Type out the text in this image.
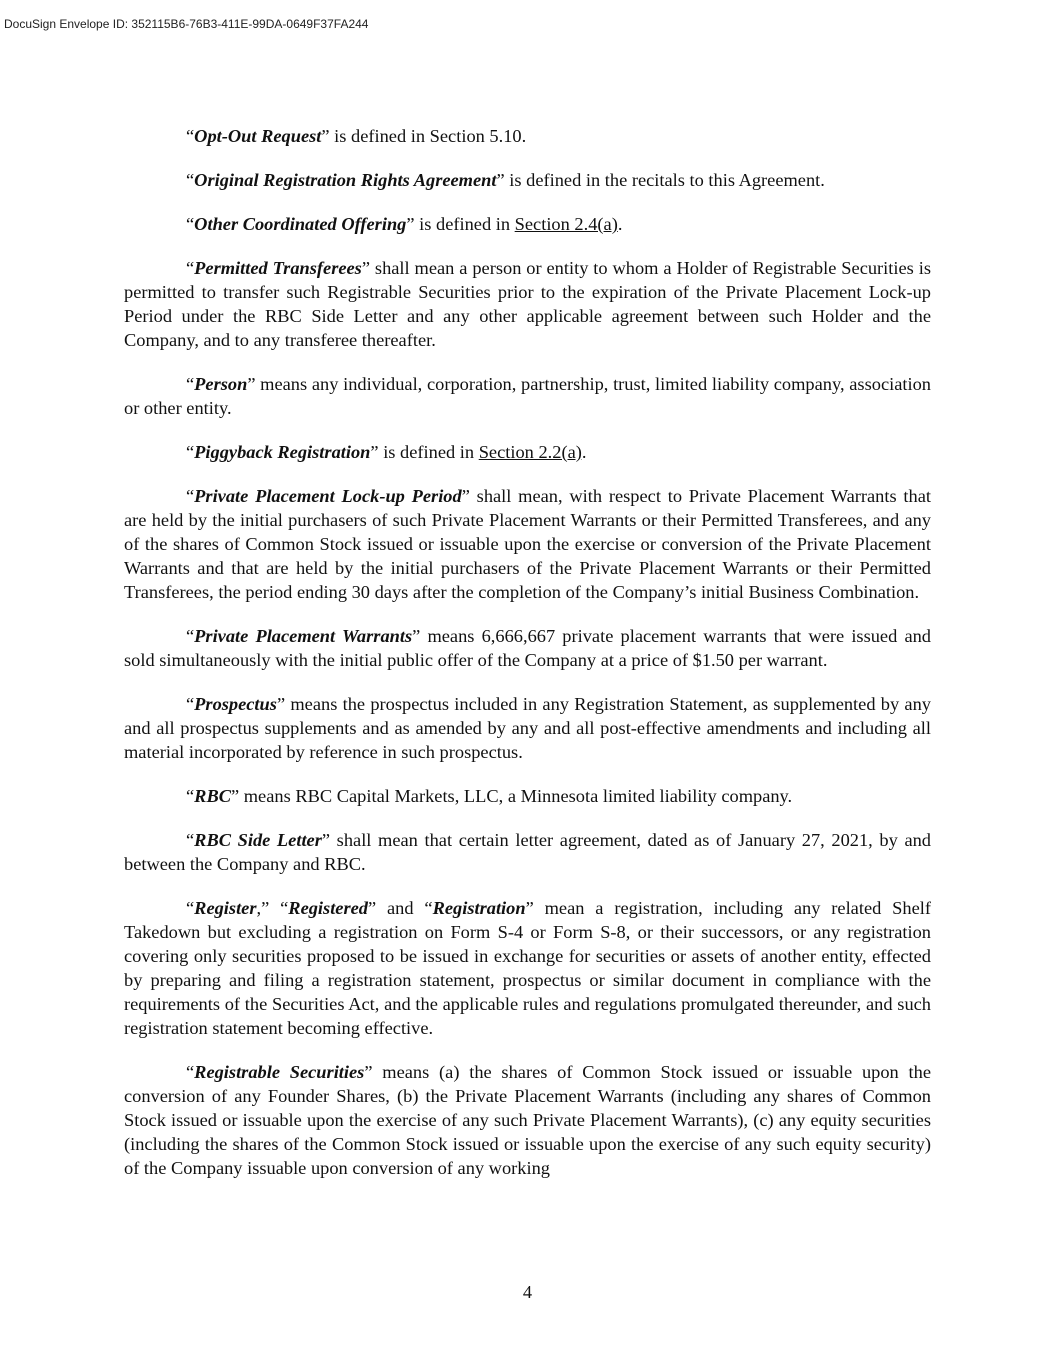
DocuSign Envelope ID: 352115B6-76B3-411E-99DA-0649F37FA244

“Opt-Out Request” is defined in Section 5.10.

“Original Registration Rights Agreement” is defined in the recitals to this Agreement.

“Other Coordinated Offering” is defined in Section 2.4(a).

“Permitted Transferees” shall mean a person or entity to whom a Holder of Registrable Securities is permitted to transfer such Registrable Securities prior to the expiration of the Private Placement Lock-up Period under the RBC Side Letter and any other applicable agreement between such Holder and the Company, and to any transferee thereafter.

“Person” means any individual, corporation, partnership, trust, limited liability company, association or other entity.

“Piggyback Registration” is defined in Section 2.2(a).

“Private Placement Lock-up Period” shall mean, with respect to Private Placement Warrants that are held by the initial purchasers of such Private Placement Warrants or their Permitted Transferees, and any of the shares of Common Stock issued or issuable upon the exercise or conversion of the Private Placement Warrants and that are held by the initial purchasers of the Private Placement Warrants or their Permitted Transferees, the period ending 30 days after the completion of the Company’s initial Business Combination.

“Private Placement Warrants” means 6,666,667 private placement warrants that were issued and sold simultaneously with the initial public offer of the Company at a price of $1.50 per warrant.

“Prospectus” means the prospectus included in any Registration Statement, as supplemented by any and all prospectus supplements and as amended by any and all post-effective amendments and including all material incorporated by reference in such prospectus.

“RBC” means RBC Capital Markets, LLC, a Minnesota limited liability company.

“RBC Side Letter” shall mean that certain letter agreement, dated as of January 27, 2021, by and between the Company and RBC.

“Register,” “Registered” and “Registration” mean a registration, including any related Shelf Takedown but excluding a registration on Form S-4 or Form S-8, or their successors, or any registration covering only securities proposed to be issued in exchange for securities or assets of another entity, effected by preparing and filing a registration statement, prospectus or similar document in compliance with the requirements of the Securities Act, and the applicable rules and regulations promulgated thereunder, and such registration statement becoming effective.

“Registrable Securities” means (a) the shares of Common Stock issued or issuable upon the conversion of any Founder Shares, (b) the Private Placement Warrants (including any shares of Common Stock issued or issuable upon the exercise of any such Private Placement Warrants), (c) any equity securities (including the shares of the Common Stock issued or issuable upon the exercise of any such equity security) of the Company issuable upon conversion of any working

4
